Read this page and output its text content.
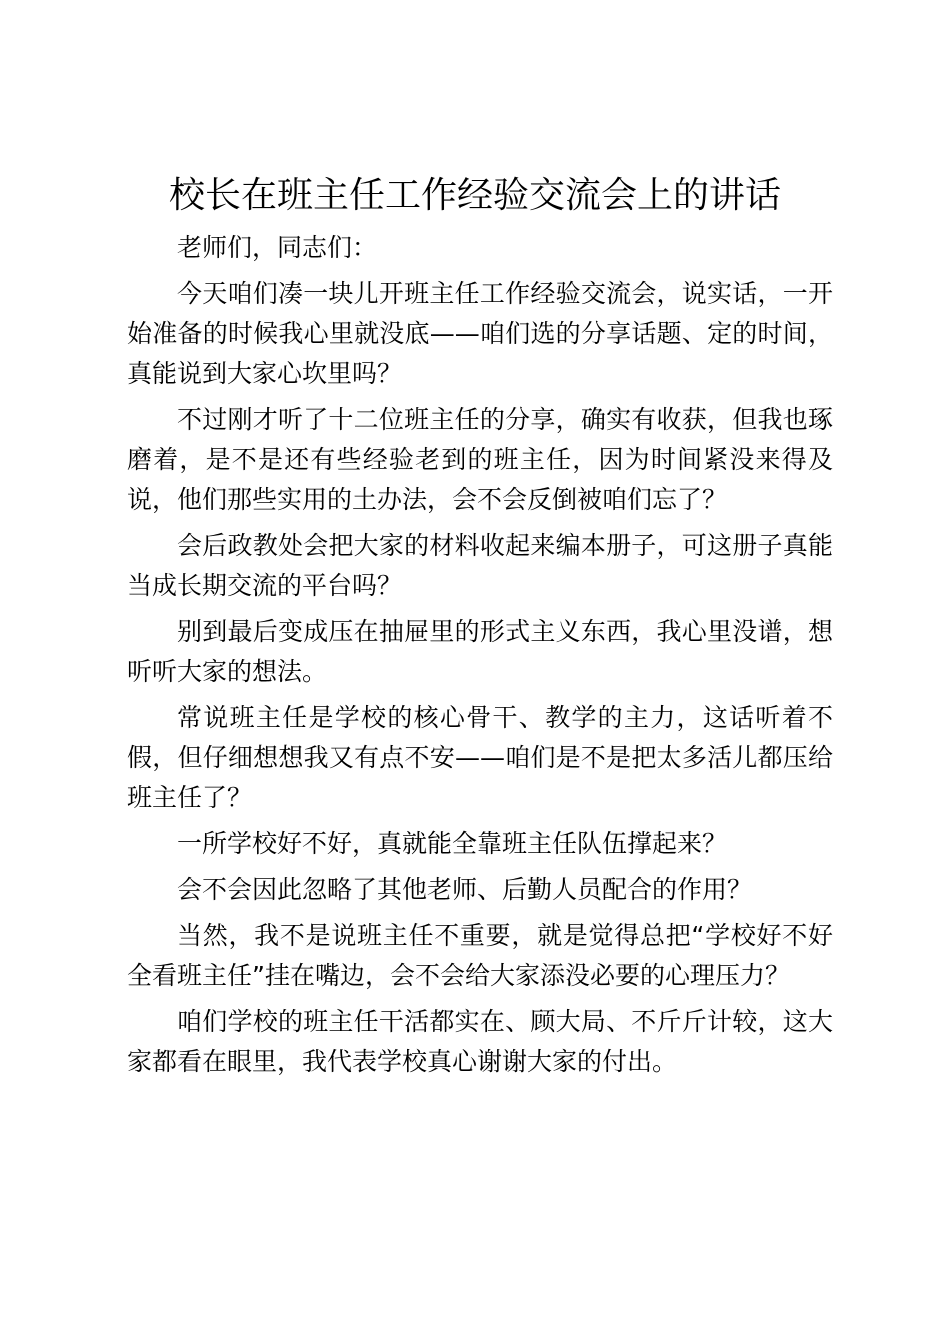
校长在班主任工作经验交流会上的讲话

老师们，同志们：

今天咱们凑一块儿开班主任工作经验交流会，说实话，一开始准备的时候我心里就没底——咱们选的分享话题、定的时间，真能说到大家心坎里吗？

不过刚才听了十二位班主任的分享，确实有收获，但我也琢磨着，是不是还有些经验老到的班主任，因为时间紧没来得及说，他们那些实用的土办法，会不会反倒被咱们忘了？

会后政教处会把大家的材料收起来编本册子，可这册子真能当成长期交流的平台吗？

别到最后变成压在抽屉里的形式主义东西，我心里没谱，想听听大家的想法。

常说班主任是学校的核心骨干、教学的主力，这话听着不假，但仔细想想我又有点不安——咱们是不是把太多活儿都压给班主任了？

一所学校好不好，真就能全靠班主任队伍撑起来？

会不会因此忽略了其他老师、后勤人员配合的作用？

当然，我不是说班主任不重要，就是觉得总把“学校好不好全看班主任”挂在嘴边，会不会给大家添没必要的心理压力？

咱们学校的班主任干活都实在、顾大局、不斤斤计较，这大家都看在眼里，我代表学校真心谢谢大家的付出。
